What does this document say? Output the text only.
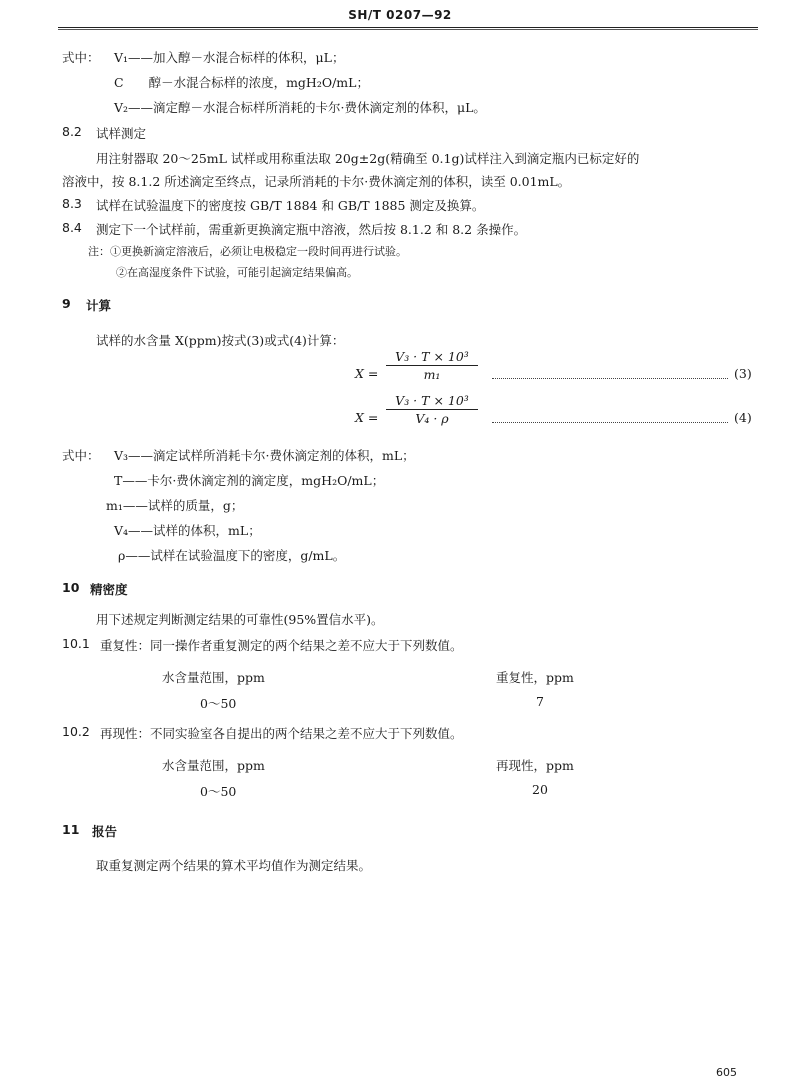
SH/T 0207—92
式中： V₁——加入醇－水混合标样的体积，μL；
C　　醇－水混合标样的浓度，mgH₂O/mL；
V₂——滴定醇－水混合标样所消耗的卡尔·费休滴定剂的体积，μL。
8.2 试样测定
用注射器取 20～25mL 试样或用称重法取 20g±2g(精确至 0.1g)试样注入到滴定瓶内已标定好的
溶液中，按 8.1.2 所述滴定至终点，记录所消耗的卡尔·费休滴定剂的体积，读至 0.01mL。
8.3 试样在试验温度下的密度按 GB/T 1884 和 GB/T 1885 测定及换算。
8.4 测定下一个试样前，需重新更换滴定瓶中溶液，然后按 8.1.2 和 8.2 条操作。
注：①更换新滴定溶液后，必须让电极稳定一段时间再进行试验。
②在高湿度条件下试验，可能引起滴定结果偏高。
9 计算
试样的水含量 X(ppm)按式(3)或式(4)计算：
X =
V₃ · T × 10³
m₁	(3)
X =
V₃ · T × 10³
V₄ · ρ	(4)
式中： V₃——滴定试样所消耗卡尔·费休滴定剂的体积，mL；
T——卡尔·费休滴定剂的滴定度，mgH₂O/mL；
m₁——试样的质量，g；
V₄——试样的体积，mL；
ρ——试样在试验温度下的密度，g/mL。
10 精密度
用下述规定判断测定结果的可靠性(95%置信水平)。
10.1 重复性：同一操作者重复测定的两个结果之差不应大于下列数值。
水含量范围，ppm	重复性，ppm
0～50	7
10.2 再现性：不同实验室各自提出的两个结果之差不应大于下列数值。
水含量范围，ppm	再现性，ppm
0～50	20
11 报告
取重复测定两个结果的算术平均值作为测定结果。
605
